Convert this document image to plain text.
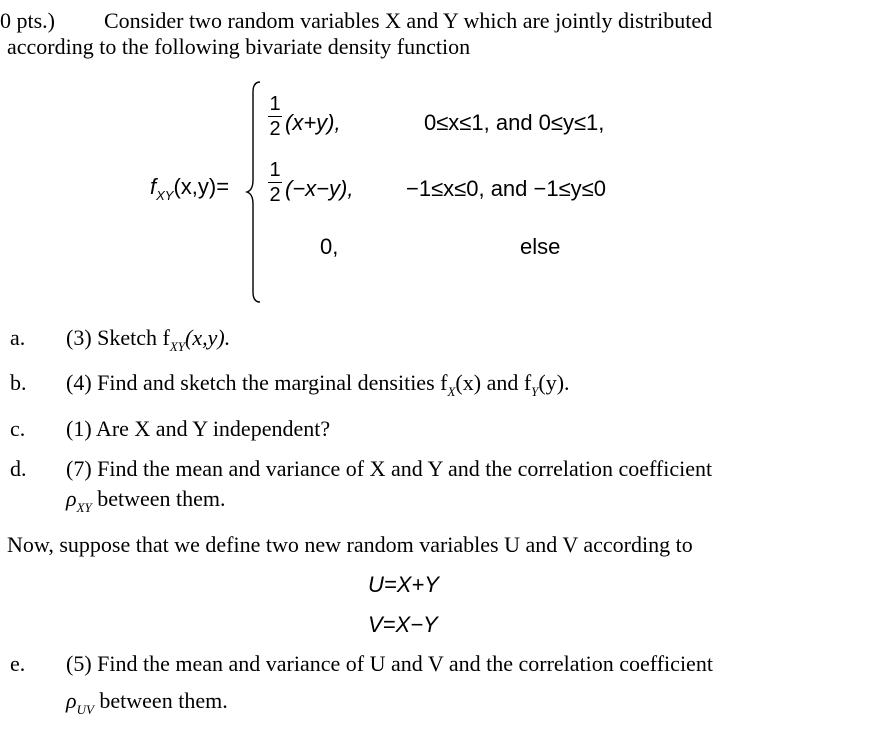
0 pts.) Consider two random variables X and Y which are jointly distributed
according to the following bivariate density function
$f_{XY}(x,y)=$
1
2 (x+y),	0≤x≤1, and 0≤y≤1,
1
2 (−x−y), −1≤x≤0, and −1≤y≤0
0,	else
a. (3) Sketch $f_{XY}(x,y)$.
b. (4) Find and sketch the marginal densities $f_X(x)$ and $f_Y(y)$.
c. (1) Are X and Y independent?
d. (7) Find the mean and variance of X and Y and the correlation coefficient
$\rho_{XY}$ between them.
Now, suppose that we define two new random variables U and V according to
U=X+Y
V=X−Y
e. (5) Find the mean and variance of U and V and the correlation coefficient
$\rho_{UV}$ between them.
